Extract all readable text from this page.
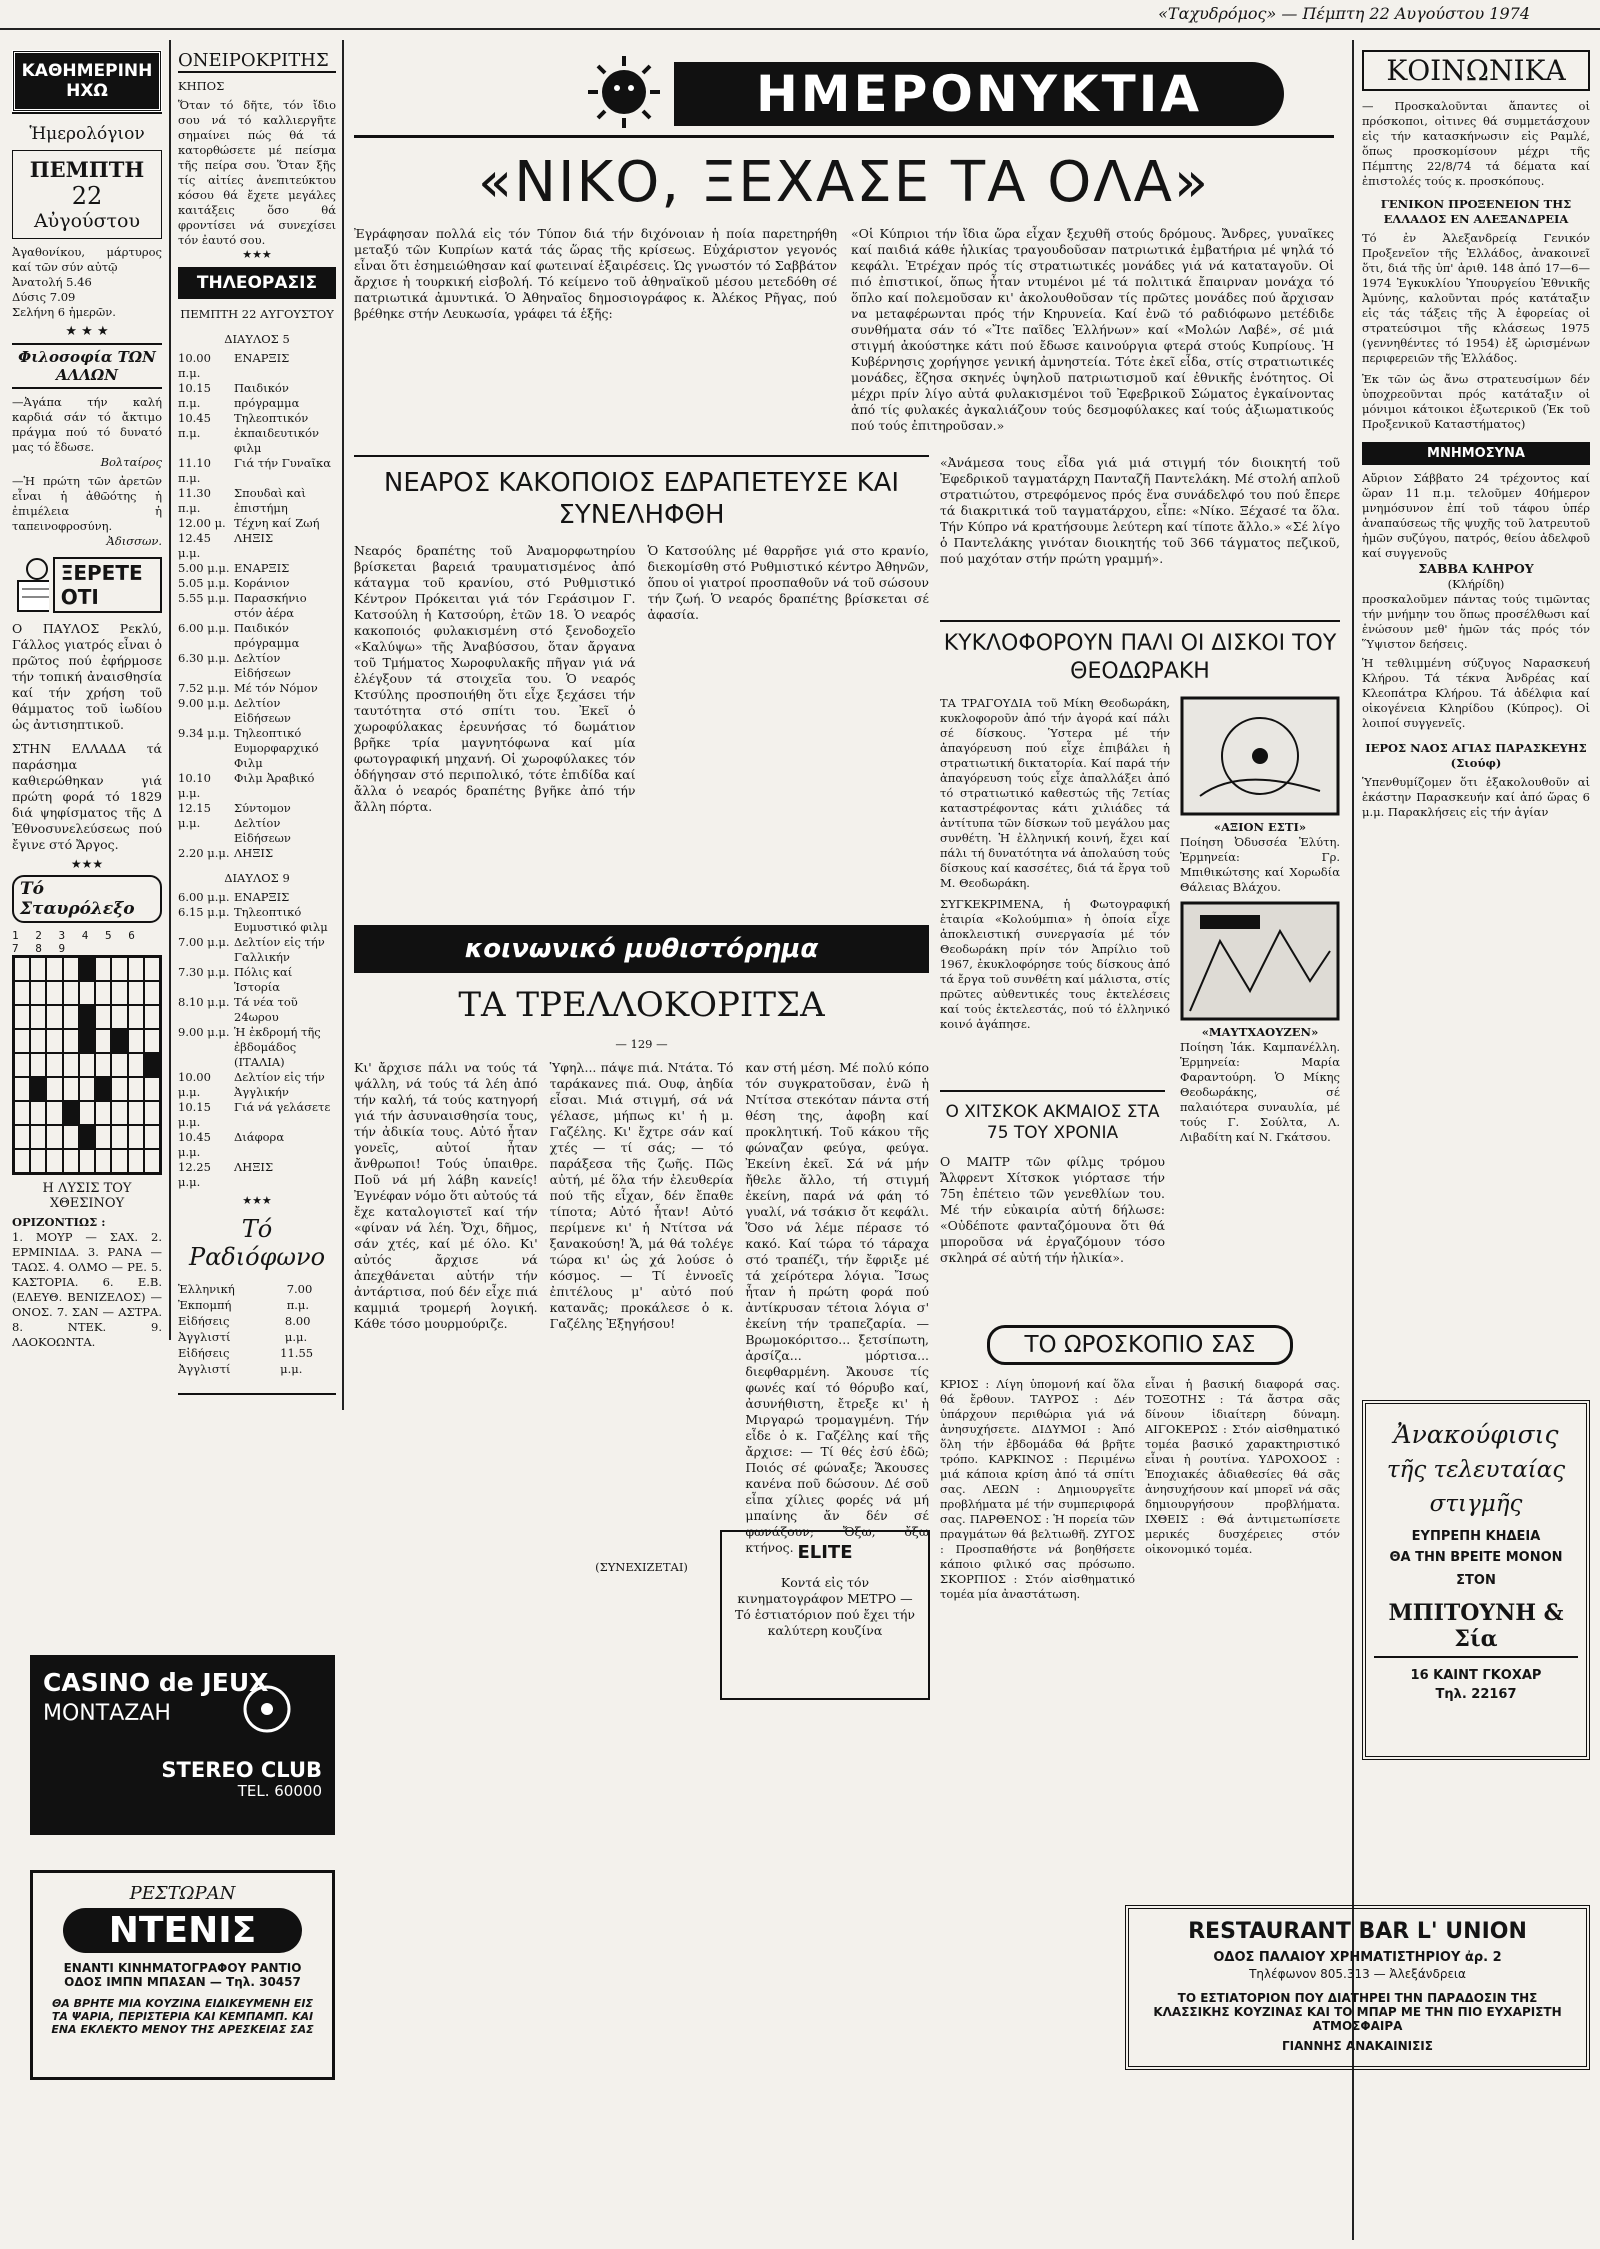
«Ταχυδρόμος» — Πέμπτη 22 Αυγούστου 1974
ΚΑΘΗΜΕΡΙΝΗ ΗΧΩ
Ἡμερολόγιον
ΠΕΜΠΤΗ
22
Αὐγούστου
Ἀγαθονίκου, μάρτυρος καί τῶν σύν αὐτῷ
Ἀνατολή 5.46
Δύσις 7.09
Σελήνη 6 ἡμερῶν.
★ ★ ★
Φιλοσοφία ΤΩΝ ΑΛΛΩΝ
—Ἀγάπα τήν καλή καρδιά σάν τό ἄκτιμο πράγμα πού τό δυνατό μας τό ἔδωσε.
Βολταίρος
—Ἡ πρώτη τῶν ἀρετῶν εἶναι ἡ ἀθῶότης ἡ ἐπιμέλεια ἡ ταπεινοφροσύνη.
Ἀδισσων.
ΞΕΡΕΤΕ ΟΤΙ
Ο ΠΑΥΛΟΣ Ρεκλύ, Γάλλος γιατρός εἶναι ὁ πρῶτος πού ἐφήρμοσε τήν τοπική ἀναισθησία καί τήν χρήση τοῦ θάμματος τοῦ ἰωδίου ὡς ἀντισηπτικοῦ.
ΣΤΗΝ ΕΛΛΑΔΑ τά παράσημα καθιερώθηκαν γιά πρώτη φορά τό 1829 διά ψηφίσματος τῆς Δ Ἐθνοσυνελεύσεως πού ἔγινε στό Ἄργος.
★★★
Τό Σταυρόλεξο
1 2 3 4 5 6 7 8 9
Η ΛΥΣΙΣ ΤΟΥ ΧΘΕΣΙΝΟΥ
ΟΡΙΖΟΝΤΙΩΣ :
1. ΜΟΥΡ — ΣΑΧ. 2. ΕΡΜΙΝΙΔΑ. 3. ΡΑΝΑ — ΤΑΩΣ. 4. ΟΛΜΟ — ΡΕ. 5. ΚΑΣΤΟΡΙΑ. 6. Ε.Β. (ΕΛΕΥΘ. ΒΕΝΙΖΕΛΟΣ) — ΟΝΟΣ. 7. ΣΑΝ — ΑΣΤΡΑ. 8. ΝΤΕΚ. 9. ΛΑΟΚΟΩΝΤΑ.
ΟΝΕΙΡΟΚΡΙΤΗΣ
ΚΗΠΟΣ
Ὅταν τό δῆτε, τόν ἴδιο σου νά τό καλλιεργῆτε σημαίνει πώς θά τά κατορθώσετε μέ πείσμα τῆς πείρα σου. Ὅταν ξῆς τίς αἰτίες ἀνεπιτεύκτου κόσου θά ἔχετε μεγάλες καιτάξεις ὅσο θά φροντίσει νά συνεχίσει τόν ἐαυτό σου.
★★★
ΤΗΛΕΟΡΑΣΙΣ
ΠΕΜΠΤΗ 22 ΑΥΓΟΥΣΤΟΥ
ΔΙΑΥΛΟΣ 5
10.00 π.μ.
ΕΝΑΡΞΙΣ
10.15 π.μ.
Παιδικόν πρόγραμμα
10.45 π.μ.
Τηλεοπτικόν ἐκπαιδευτικόν φιλμ
11.10 π.μ.
Γιά τήν Γυναῖκα
11.30 π.μ.
Σπουδαὶ καὶ ἐπιστήμη
12.00 μ. Τέχνη καί Ζωή
12.45 μ.μ.
ΛΗΞΙΣ
5.00 μ.μ. ΕΝΑΡΞΙΣ
5.05 μ.μ. Κοράνιον
5.55 μ.μ. Παρασκήνιο στόν ἀέρα
6.00 μ.μ. Παιδικόν πρόγραμμα
6.30 μ.μ. Δελτίον Εἰδήσεων
7.52 μ.μ. Μέ τόν Νόμον
9.00 μ.μ. Δελτίον Εἰδήσεων
9.34 μ.μ. Τηλεοπτικό Ευμορφαρχικό Φιλμ
10.10 μ.μ.
Φιλμ Ἀραβικό
12.15 μ.μ.
Σύντομον Δελτίον Εἰδήσεων
2.20 μ.μ. ΛΗΞΙΣ
ΔΙΑΥΛΟΣ 9
6.00 μ.μ. ΕΝΑΡΞΙΣ
6.15 μ.μ. Τηλεοπτικό Ευμυστικό φιλμ
7.00 μ.μ. Δελτίον εἰς τήν Γαλλικήν
7.30 μ.μ. Πόλις καί Ἱστορία
8.10 μ.μ. Τά νέα τοῦ 24ωρου
9.00 μ.μ. Ἡ ἐκδρομή τῆς ἐβδομάδος (ΙΤΑΛΙΑ)
10.00 μ.μ.
Δελτίον εἰς τήν Ἀγγλικήν
10.15 μ.μ.
Γιά νά γελάσετε
10.45 μ.μ.
Διάφορα
12.25 μ.μ.
ΛΗΞΙΣ
★★★
Τό Ραδιόφωνο
Ἑλληνική Ἐκπομπή
7.00 π.μ.
Εἰδήσεις Ἀγγλιστί
8.00 μ.μ.
Εἰδήσεις Ἀγγλιστί
11.55 μ.μ.
ΗΜΕΡΟΝΥΚΤΙΑ
«ΝΙΚΟ, ΞΕΧΑΣΕ ΤΑ ΟΛΑ»
Ἐγράφησαν πολλά εἰς τόν Τύπον διά τήν διχόνοιαν ἡ ποία παρετηρήθη μεταξύ τῶν Κυπρίων κατά τάς ὥρας τῆς κρίσεως. Εὐχάριστον γεγονός εἶναι ὅτι ἐσημειώθησαν καί φωτειναί ἐξαιρέσεις. Ὡς γνωστόν τό Σαββάτον ἄρχισε ἡ τουρκική εἰσβολή. Τό κείμενο τοῦ ἀθηναϊκοῦ μέσου μετεδόθη σέ πατριωτικά ἀμυντικά. Ὁ Ἀθηναῖος δημοσιογράφος κ. Ἀλέκος Ρῆγας, πού βρέθηκε στήν Λευκωσία, γράφει τά ἑξῆς:
«Οἱ Κύπριοι τήν ἴδια ὥρα εἶχαν ξεχυθῆ στούς δρόμους. Ἄνδρες, γυναῖκες καί παιδιά κάθε ἡλικίας τραγουδοῦσαν πατριωτικά ἐμβατήρια μέ ψηλά τό κεφάλι. Ἐτρέχαν πρός τίς στρατιωτικές μονάδες γιά νά καταταγοῦν. Οἱ πιό ἐπιστικοί, ὅπως ἦταν ντυμένοι μέ τά πολιτικά ἔπαιρναν μονάχα τό ὅπλο καί πολεμοῦσαν κι' ἀκολουθοῦσαν τίς πρῶτες μονάδες πού ἄρχισαν να μεταφέρωνται πρός τήν Κηρυνεία. Καί ἐνῶ τό ραδιόφωνο μετέδιδε συνθήματα σάν τό «Ἴτε παῖδες Ἑλλήνων» καί «Μολών Λαβέ», σέ μιά στιγμή ἀκούστηκε κάτι πού ἔδωσε καινούργια φτερά στούς Κυπρίους. Ἡ Κυβέρνησις χορήγησε γενική ἀμνηστεία. Τότε ἐκεῖ εἶδα, στίς στρατιωτικές μονάδες, ἔζησα σκηνές ὑψηλοῦ πατριωτισμοῦ καί ἐθνικῆς ἑνότητος. Οἱ μέχρι πρίν λίγο αὐτά φυλακισμένοι τοῦ Ἐφεβρικοῦ Σώματος ἐγκαίνοντας ἀπό τίς φυλακές ἀγκαλιάζουν τούς δεσμοφύλακες καί τούς ἀξιωματικούς πού τούς ἐπιτηροῦσαν.»
ΝΕΑΡΟΣ ΚΑΚΟΠΟΙΟΣ ΕΔΡΑΠΕΤΕΥΣΕ ΚΑΙ ΣΥΝΕΛΗΦΘΗ
Νεαρός δραπέτης τοῦ Ἀναμορφωτηρίου βρίσκεται βαρειά τραυματισμένος ἀπό κάταγμα τοῦ κρανίου, στό Ρυθμιστικό Κέντρον Πρόκειται γιά τόν Γεράσιμον Γ. Κατσούλη ἡ Κατσούρη, ἐτῶν 18. Ὁ νεαρός κακοποιός φυλακισμένη στό ξενοδοχεῖο «Καλύψω» τῆς Ἀναβύσσου, ὅταν ἄργανα τοῦ Τμήματος Χωροφυλακῆς πῆγαν γιά νά ἐλέγξουν τά στοιχεῖα του. Ὁ νεαρός Κτσύλης προσποιήθη ὅτι εἶχε ξεχάσει τήν ταυτότητα στό σπίτι του. Ἐκεῖ ὁ χωροφύλακας ἐρευνήσας τό δωμάτιον βρῆκε τρία μαγνητόφωνα καί μία φωτογραφική μηχανή. Οἱ χωροφύλακες τόν ὁδήγησαν στό περιπολικό, τότε ἐπιδίδα καί ἄλλα ὁ νεαρός δραπέτης βγῆκε ἀπό τήν ἄλλη πόρτα.
Ὁ Κατσούλης μέ θαρρῆσε γιά στο κρανίο, διεκομίσθη στό Ρυθμιστικό κέντρο Ἀθηνῶν, ὅπου οἱ γιατροί προσπαθοῦν νά τοῦ σώσουν τήν ζωή. Ὁ νεαρός δραπέτης βρίσκεται σέ ἀφασία.
«Ἀνάμεσα τους εἶδα γιά μιά στιγμή τόν διοικητή τοῦ Ἐφεδρικοῦ ταγματάρχη Πανταζῆ Παντελάκη. Μέ στολή απλοῦ στρατιώτου, στρεφόμενος πρός ἕνα συνάδελφό του πού ἔπερε τά διακριτικά τοῦ ταγματάρχου, εἶπε: «Νίκο. Ξέχασέ τα ὅλα. Τήν Κύπρο νά κρατήσουμε λεύτερη καί τίποτε ἄλλο.» «Σέ λίγο ὁ Παντελάκης γινόταν διοικητής τοῦ 366 τάγματος πεζικοῦ, πού μαχόταν στήν πρώτη γραμμή».
κοινωνικό μυθιστόρημα
ΤΑ ΤΡΕΛΛΟΚΟΡΙΤΣΑ
— 129 —
Κι' ἄρχισε πάλι να τούς τά ψάλλη, νά τούς τά λέη ἀπό τήν καλή, τά τούς κατηγορή γιά τήν ἀσυναισθησία τους, τήν ἀδικία τους. Αὐτό ἦταν γονεῖς, αὐτοί ἦταν ἄνθρωποι! Τούς ὑπαιθρε. Ποῦ νά μή λάβη κανείς! Ἐγνέφαν νόμο ὅτι αὐτούς τά ἔχε καταλογιστεῖ καί τήν «φίναν νά λέη. Ὄχι, δῆμος, σάν χτές, καί μέ όλο. Κι' αὐτός ἄρχισε νά ἀπεχθάνεται αὐτήν τήν ἀντάρτισα, πού δέν εἶχε πιά καμμιά τρομερή λογική. Κάθε τόσο μουρμούριζε.
Ὑφηλ... πάψε πιά. Ντάτα. Τό ταράκανες πιά. Ουφ, ἀηδία εἶσαι. Μιά στιγμή, σά νά γέλασε, μήπως κι' ἡ μ. Γαζέλης. Κι' ἔχτρε σάν καί χτές — τί σάς; — τό παράξεσα τῆς ζωῆς. Πῶς αὐτή, μέ ὅλα τήν ἐλευθερία πού τῆς εἶχαν, δέν ἔπαθε τίποτα; Αὐτό ἦταν! Αὐτό περίμενε κι' ἡ Ντίτσα νά ξανακούση! Ἄ, μά θά τολέγε τώρα κι' ὡς χά λούσε ὁ κόσμος. — Τί ἐννοεῖς ἐπιτέλους μ' αὐτό πού κατανᾶς; προκάλεσε ὁ κ. Γαζέλης Ἐξηγήσου!
καν στή μέση. Μέ πολύ κόπο τόν συγκρατοῦσαν, ἐνῶ ἡ Ντίτσα στεκόταν πάντα στή θέση της, ἀφοβη καί προκλητική. Τοῦ κάκου τῆς φώναζαν φεύγα, φεύγα. Ἐκείνη ἐκεῖ. Σά νά μήν ἤθελε ἄλλο, τή στιγμή ἐκείνη, παρά νά φάη τό γυαλί, νά τσάκισ ὄτ κεφάλι. Ὅσο νά λέμε πέρασε τό κακό. Καί τώρα τό τάραχα στό τραπέζι, τήν ἔφριξε μέ τά χείρότερα λόγια. Ἴσως ἦταν ἡ πρώτη φορά πού ἀντίκρυσαν τέτοια λόγια σ' ἐκείνη τήν τραπεζαρία. — Βρωμοκόριτσο... ξετσίπωτη, ἀρσίζα... μόρτισα... διεφθαρμένη. Ἄκουσε τίς φωνές καί τό θόρυβο καί, ἀσυνήθιστη, ἔτρεξε κι' ἡ Μιργαρώ τρομαγμένη. Τήν εἶδε ὁ κ. Γαζέλης καί τῆς ἄρχισε: — Τί θές ἐσύ ἐδῶ; Ποιός σέ φώναξε; Ἄκουσες κανένα ποῦ δώσουν. Δέ σοῦ εἶπα χίλιες φορές νά μή μπαίνης ἄν δέν σέ φωνάζουν; Ὄξω, ὄξω κτήνος.
(ΣΥΝΕΧΙΖΕΤΑΙ)
ΚΥΚΛΟΦΟΡΟΥΝ ΠΑΛΙ ΟΙ ΔΙΣΚΟΙ ΤΟΥ ΘΕΟΔΩΡΑΚΗ
ΤΑ ΤΡΑΓΟΥΔΙΑ τοῦ Μίκη Θεοδωράκη, κυκλοφοροῦν ἀπό τήν ἀγορά καί πάλι σέ δίσκους. Ὑστερα μέ τήν ἀπαγόρευση πού εἶχε ἐπιβάλει ἡ στρατιωτική δικτατορία. Καί παρά τήν ἀπαγόρευση τούς εἶχε ἀπαλλάξει ἀπό τό στρατιωτικό καθεστώς τῆς 7ετίας καταστρέφοντας κάτι χιλιάδες τά ἀντίτυπα τῶν δίσκων τοῦ μεγάλου μας συνθέτη. Ἡ ἐλληνική κοινή, ἔχει καί πάλι τή δυνατότητα νά ἀπολαύση τούς δίσκους καί κασσέτες, διά τά ἔργα τοῦ Μ. Θεοδωράκη.
ΣΥΓΚΕΚΡΙΜΕΝΑ, ἡ Φωτογραφική ἑταιρία «Κολούμπια» ἡ ὁποία εἶχε ἀποκλειστική συνεργασία μέ τόν Θεοδωράκη πρίν τόν Ἀπρίλιο τοῦ 1967, ἐκυκλοφόρησε τούς δίσκους ἀπό τά ἔργα τοῦ συνθέτη καί μάλιστα, στίς πρῶτες αὐθεντικές τους ἐκτελέσεις καί τούς ἐκτελεστάς, πού τό ἑλληνικό κοινό ἀγάπησε.
«ΑΞΙΟΝ ΕΣΤΙ»
Ποίηση Ὀδυσσέα Ἐλύτη. Ἑρμηνεία: Γρ. Μπιθικώτσης καί Χορωδία Θάλειας Βλάχου.
«ΜΑΥΤΧΑΟΥΖΕΝ»
Ποίηση Ἰάκ. Καμπανέλλη. Ἑρμηνεία: Μαρία Φαραντούρη. Ὁ Μίκης Θεοδωράκης, σέ παλαιότερα συναυλία, μέ τούς Γ. Σούλτα, Λ. Λιβαδίτη καί Ν. Γκάτσου.
Ο ΧΙΤΣΚΟΚ ΑΚΜΑΙΟΣ ΣΤΑ 75 ΤΟΥ ΧΡΟΝΙΑ
Ο ΜΑΙΤΡ τῶν φίλμς τρόμου Ἄλφρεντ Χίτσκοκ γιόρτασε τήν 75η ἐπέτειο τῶν γενεθλίων του. Μέ τήν εὐκαιρία αὐτή δήλωσε: «Οὐδέποτε φανταζόμουνα ὅτι θά μποροῦσα νά ἐργαζόμουν τόσο σκληρά σέ αὐτή τήν ἡλικία».
ΤΟ ΩΡΟΣΚΟΠΙΟ ΣΑΣ
ΚΡΙΟΣ : Λίγη ὑπομονή καί ὅλα θά ἔρθουν. ΤΑΥΡΟΣ : Δέν ὑπάρχουν περιθώρια γιά νά ἀνησυχήσετε. ΔΙΔΥΜΟΙ : Ἀπό ὅλη τήν ἑβδομάδα θά βρῆτε τρόπο. ΚΑΡΚΙΝΟΣ : Περιμένω μιά κάποια κρίση ἀπό τά σπίτι σας. ΛΕΩΝ : Δημιουργεῖτε προβλήματα μέ τήν συμπεριφορά σας. ΠΑΡΘΕΝΟΣ : Ἡ πορεία τῶν πραγμάτων θά βελτιωθῆ. ΖΥΓΟΣ : Προσπαθήστε νά βοηθήσετε κάποιο φιλικό σας πρόσωπο. ΣΚΟΡΠΙΟΣ : Στόν αἰσθηματικό τομέα μία ἀναστάτωση.
εἶναι ἡ βασική διαφορά σας. ΤΟΞΟΤΗΣ : Τά ἄστρα σᾶς δίνουν ἰδιαίτερη δύναμη. ΑΙΓΟΚΕΡΩΣ : Στόν αἰσθηματικό τομέα βασικό χαρακτηριστικό εἶναι ἡ ρουτίνα. ΥΔΡΟΧΟΟΣ : Ἐποχιακές ἀδιαθεσίες θά σᾶς ἀνησυχήσουν καί μπορεῖ νά σᾶς δημιουργήσουν προβλήματα. ΙΧΘΕΙΣ : Θά ἀντιμετωπίσετε μερικές δυσχέρειες στόν οἰκονομικό τομέα.
ELITE
Κοντά εἰς τόν κινηματογράφον ΜΕΤΡΟ — Τό ἑστιατόριον πού ἔχει τήν καλύτερη κουζίνα
ΚΟΙΝΩΝΙΚΑ
— Προσκαλοῦνται ἅπαντες οἱ πρόσκοποι, οἱτινες θά συμμετάσχουν εἰς τήν κατασκήνωσιν εἰς Ραμλέ, ὅπως προσκομίσουν μέχρι τῆς Πέμπτης 22/8/74 τά δέματα καί ἐπιστολές τούς κ. προσκόπους.
ΓΕΝΙΚΟΝ ΠΡΟΞΕΝΕΙΟΝ ΤΗΣ ΕΛΛΑΔΟΣ ΕΝ ΑΛΕΞΑΝΔΡΕΙΑ
Τό ἐν Ἀλεξανδρείᾳ Γενικόν Προξενεῖον τῆς Ἑλλάδος, ἀνακοινεῖ ὅτι, διά τῆς ὑπ' ἀριθ. 148 ἀπό 17—6—1974 Ἐγκυκλίου Ὑπουργείου Ἐθνικῆς Ἀμύνης, καλοῦνται πρός κατάταξιν εἰς τάς τάξεις τῆς Ἀ ἐφορείας οἱ στρατεύσιμοι τῆς κλάσεως 1975 (γεννηθέντες τό 1954) ἐξ ὡρισμένων περιφερειῶν τῆς Ἑλλάδος.
Ἐκ τῶν ὡς ἄνω στρατευσίμων δέν ὑποχρεοῦνται πρός κατάταξιν οἱ μόνιμοι κάτοικοι ἐξωτερικοῦ (Ἐκ τοῦ Προξενικοῦ Καταστήματος)
ΜΝΗΜΟΣΥΝΑ
Αὔριον Σάββατο 24 τρέχοντος καί ὥραν 11 π.μ. τελοῦμεν 40ήμερον μνημόσυνον ἐπί τοῦ τάφου ὑπέρ ἀναπαύσεως τῆς ψυχῆς τοῦ λατρευτοῦ ἡμῶν συζύγου, πατρός, θείου ἀδελφοῦ καί συγγενοῦς
ΣΑΒΒΑ ΚΛΗΡΟΥ
(Κλήρίδη)
προσκαλοῦμεν πάντας τούς τιμῶντας τήν μνήμην του ὅπως προσέλθωσι καί ἑνώσουν μεθ' ἡμῶν τάς πρός τόν Ὕψιστον δεήσεις.
Ἡ τεθλιμμένη σύζυγος Ναρασκευή Κλήρου. Τά τέκνα Ἀνδρέας καί Κλεοπάτρα Κλήρου. Τά ἀδέλφια καί οἰκογένεια Κληρίδου (Κύπρος). Οἱ λοιποί συγγενεῖς.
ΙΕΡΟΣ ΝΑΟΣ ΑΓΙΑΣ ΠΑΡΑΣΚΕΥΗΣ (Σιούφ)
Ὑπενθυμίζομεν ὅτι ἑξακολουθοῦν αἱ ἑκάστην Παρασκευήν καί ἀπό ὥρας 6 μ.μ. Παρακλήσεις εἰς τήν ἁγίαν
Ἀνακούφισις
τῆς τελευταίας
στιγμῆς
ΕΥΠΡΕΠΗ ΚΗΔΕΙΑ
ΘΑ ΤΗΝ ΒΡΕΙΤΕ ΜΟΝΟΝ
ΣΤΟΝ
ΜΠΙΤΟΥΝΗ & Σία
16 ΚΑΙΝΤ ΓΚΟΧΑΡ
Τηλ. 22167
CASINO de JEUX
ΜΟΝΤΑΖΑΗ
STEREO CLUB
TEL. 60000
ΡΕΣΤΩΡΑΝ
ΝΤΕΝΙΣ
ΕΝΑΝΤΙ ΚΙΝΗΜΑΤΟΓΡΑΦΟΥ ΡΑΝΤΙΟ
ΟΔΟΣ ΙΜΠΝ ΜΠΑΣΑΝ — Τηλ. 30457
ΘΑ ΒΡΗΤΕ ΜΙΑ ΚΟΥΖΙΝΑ ΕΙΔΙΚΕΥΜΕΝΗ ΕΙΣ ΤΑ ΨΑΡΙΑ, ΠΕΡΙΣΤΕΡΙΑ ΚΑΙ ΚΕΜΠΑΜΠ. ΚΑΙ ΕΝΑ ΕΚΛΕΚΤΟ ΜΕΝΟΥ ΤΗΣ ΑΡΕΣΚΕΙΑΣ ΣΑΣ
RESTAURANT BAR L' UNION
ΟΔΟΣ ΠΑΛΑΙΟΥ ΧΡΗΜΑΤΙΣΤΗΡΙΟΥ ἀρ. 2
Τηλέφωνον 805.313 — Ἀλεξάνδρεια
ΤΟ ΕΣΤΙΑΤΟΡΙΟΝ ΠΟΥ ΔΙΑΤΗΡΕΙ ΤΗΝ ΠΑΡΑΔΟΣΙΝ ΤΗΣ ΚΛΑΣΣΙΚΗΣ ΚΟΥΖΙΝΑΣ ΚΑΙ ΤΟ ΜΠΑΡ ΜΕ ΤΗΝ ΠΙΟ ΕΥΧΑΡΙΣΤΗ ΑΤΜΟΣΦΑΙΡΑ
ΓΙΑΝΝΗΣ ΑΝΑΚΑΙΝΙΣΙΣ
